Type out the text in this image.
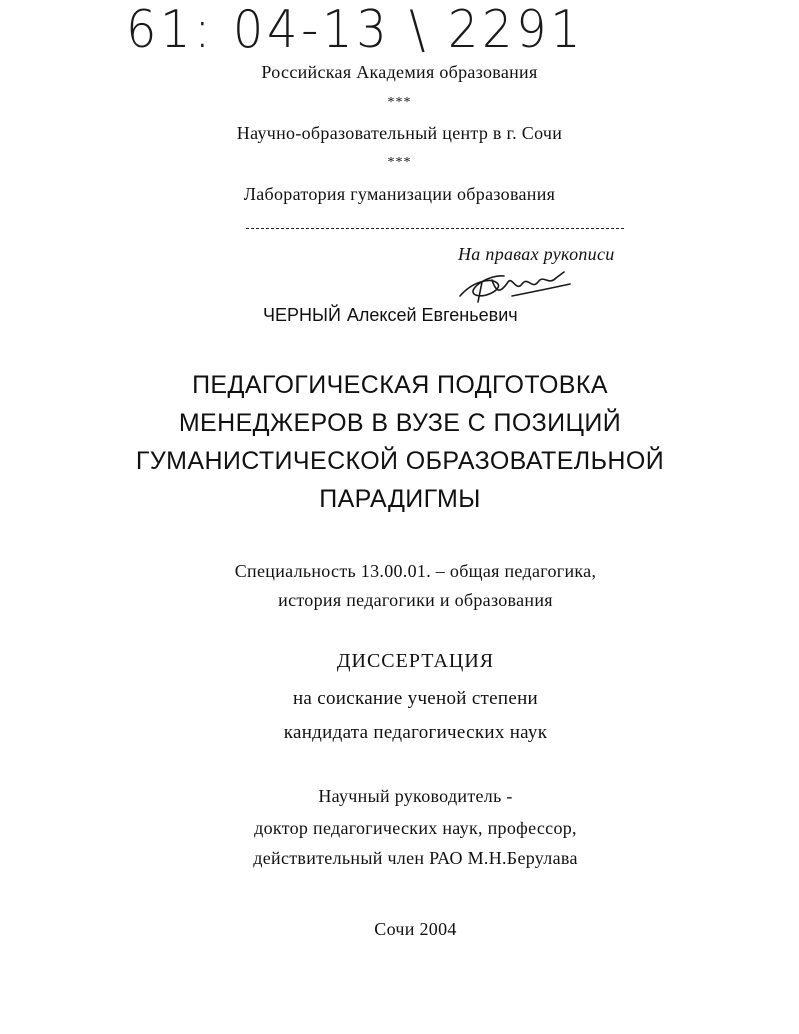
61: 04-13 \ 2291
Российская Академия образования
***
Научно-образовательный центр в г. Сочи
***
Лаборатория гуманизации образования
На правах рукописи
ЧЕРНЫЙ Алексей Евгеньевич
ПЕДАГОГИЧЕСКАЯ ПОДГОТОВКА
МЕНЕДЖЕРОВ В ВУЗЕ С ПОЗИЦИЙ
ГУМАНИСТИЧЕСКОЙ ОБРАЗОВАТЕЛЬНОЙ
ПАРАДИГМЫ
Специальность 13.00.01. – общая педагогика,
история педагогики и образования
ДИССЕРТАЦИЯ
на соискание ученой степени
кандидата педагогических наук
Научный руководитель -
доктор педагогических наук, профессор,
действительный член РАО М.Н.Берулава
Сочи 2004
